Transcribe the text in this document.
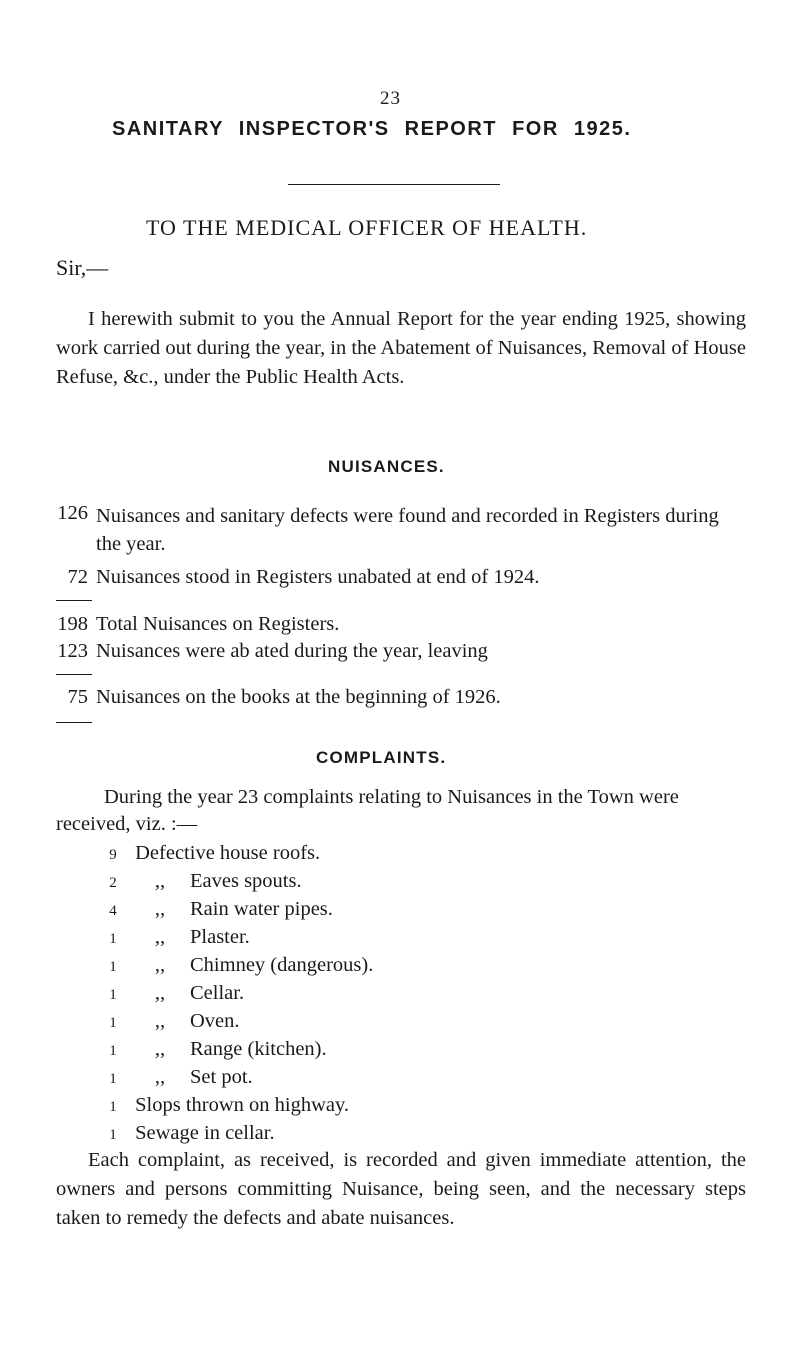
23
SANITARY INSPECTOR'S REPORT FOR 1925.
TO THE MEDICAL OFFICER OF HEALTH.
Sir,—

I herewith submit to you the Annual Report for the year ending 1925, showing work carried out during the year, in the Abatement of Nuisances, Removal of House Refuse, &c., under the Public Health Acts.

NUISANCES.
126 Nuisances and sanitary defects were found and recorded in Registers during the year.
72 Nuisances stood in Registers unabated at end of 1924.
198 Total Nuisances on Registers.
123 Nuisances were ab ated during the year, leaving
75 Nuisances on the books at the beginning of 1926.
COMPLAINTS.

During the year 23 complaints relating to Nuisances in the Town were received, viz. :—

9 Defective house roofs.
2 ,, Eaves spouts.
4 ,, Rain water pipes.
1 ,, Plaster.
1 ,, Chimney (dangerous).
1 ,, Cellar.
1 ,, Oven.
1 ,, Range (kitchen).
1 ,, Set pot.
1 Slops thrown on highway.
1 Sewage in cellar.

Each complaint, as received, is recorded and given immediate attention, the owners and persons committing Nuisance, being seen, and the necessary steps taken to remedy the defects and abate nuisances.
